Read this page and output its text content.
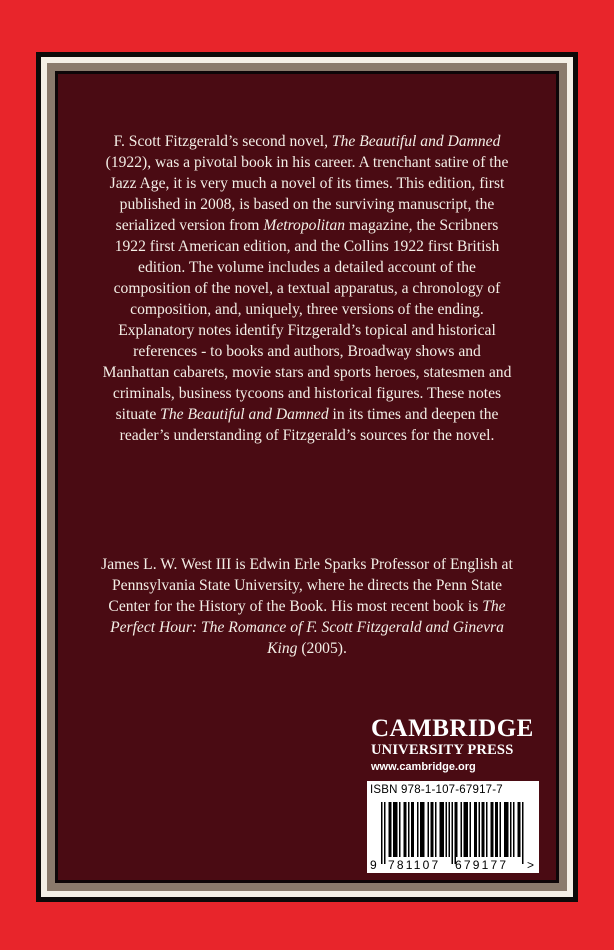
F. Scott Fitzgerald’s second novel, The Beautiful and Damned (1922), was a pivotal book in his career. A trenchant satire of the Jazz Age, it is very much a novel of its times. This edition, first published in 2008, is based on the surviving manuscript, the serialized version from Metropolitan magazine, the Scribners 1922 first American edition, and the Collins 1922 first British edition. The volume includes a detailed account of the composition of the novel, a textual apparatus, a chronology of composition, and, uniquely, three versions of the ending. Explanatory notes identify Fitzgerald’s topical and historical references - to books and authors, Broadway shows and Manhattan cabarets, movie stars and sports heroes, statesmen and criminals, business tycoons and historical figures. These notes situate The Beautiful and Damned in its times and deepen the reader’s understanding of Fitzgerald’s sources for the novel.

James L. W. West III is Edwin Erle Sparks Professor of English at Pennsylvania State University, where he directs the Penn State Center for the History of the Book. His most recent book is The Perfect Hour: The Romance of F. Scott Fitzgerald and Ginevra King (2005).

CAMBRIDGE
UNIVERSITY PRESS
www.cambridge.org
ISBN 978-1-107-67917-7
9 781107 679177 >
